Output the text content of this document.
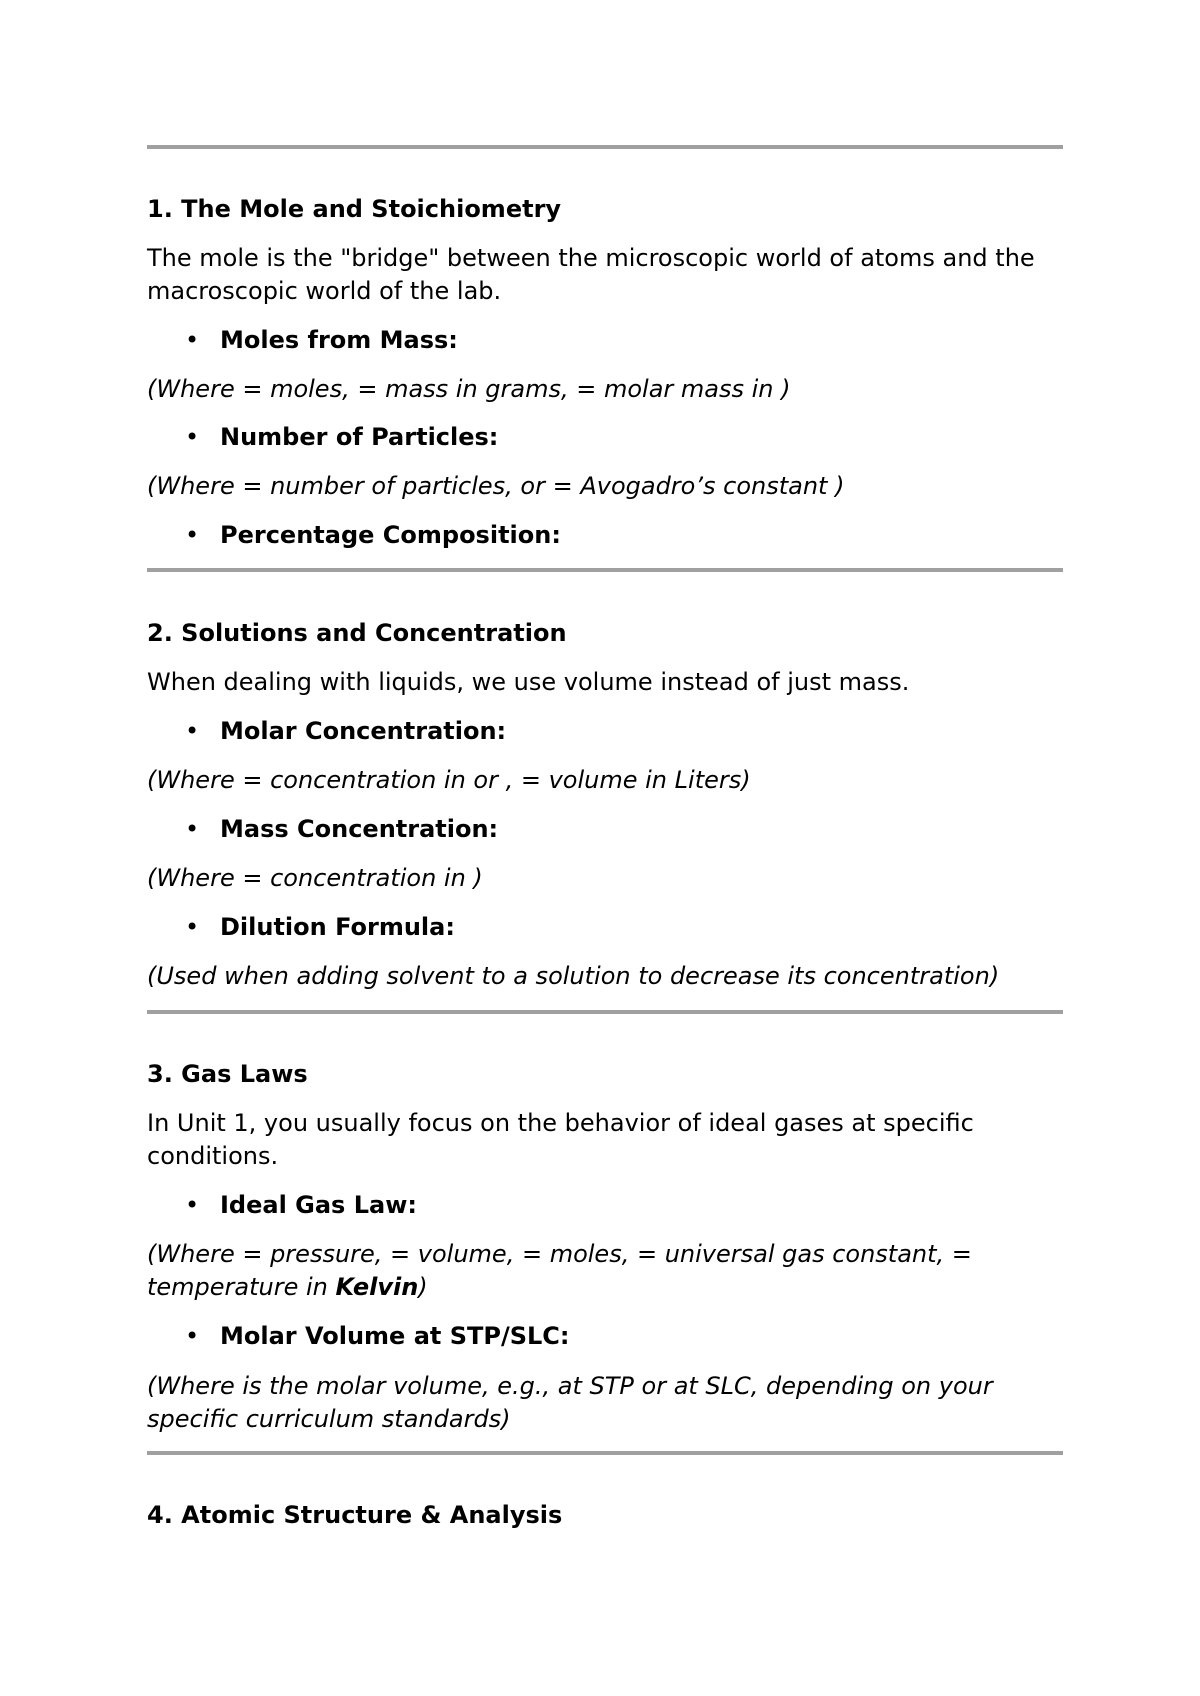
1. The Mole and Stoichiometry
The mole is the "bridge" between the microscopic world of atoms and the macroscopic world of the lab.
• Moles from Mass:
(Where = moles, = mass in grams, = molar mass in )
• Number of Particles:
(Where = number of particles, or = Avogadro’s constant )
• Percentage Composition:
2. Solutions and Concentration
When dealing with liquids, we use volume instead of just mass.
• Molar Concentration:
(Where = concentration in or , = volume in Liters)
• Mass Concentration:
(Where = concentration in )
• Dilution Formula:
(Used when adding solvent to a solution to decrease its concentration)
3. Gas Laws
In Unit 1, you usually focus on the behavior of ideal gases at specific conditions.
• Ideal Gas Law:
(Where = pressure, = volume, = moles, = universal gas constant, = temperature in Kelvin)
• Molar Volume at STP/SLC:
(Where is the molar volume, e.g., at STP or at SLC, depending on your specific curriculum standards)
4. Atomic Structure & Analysis
